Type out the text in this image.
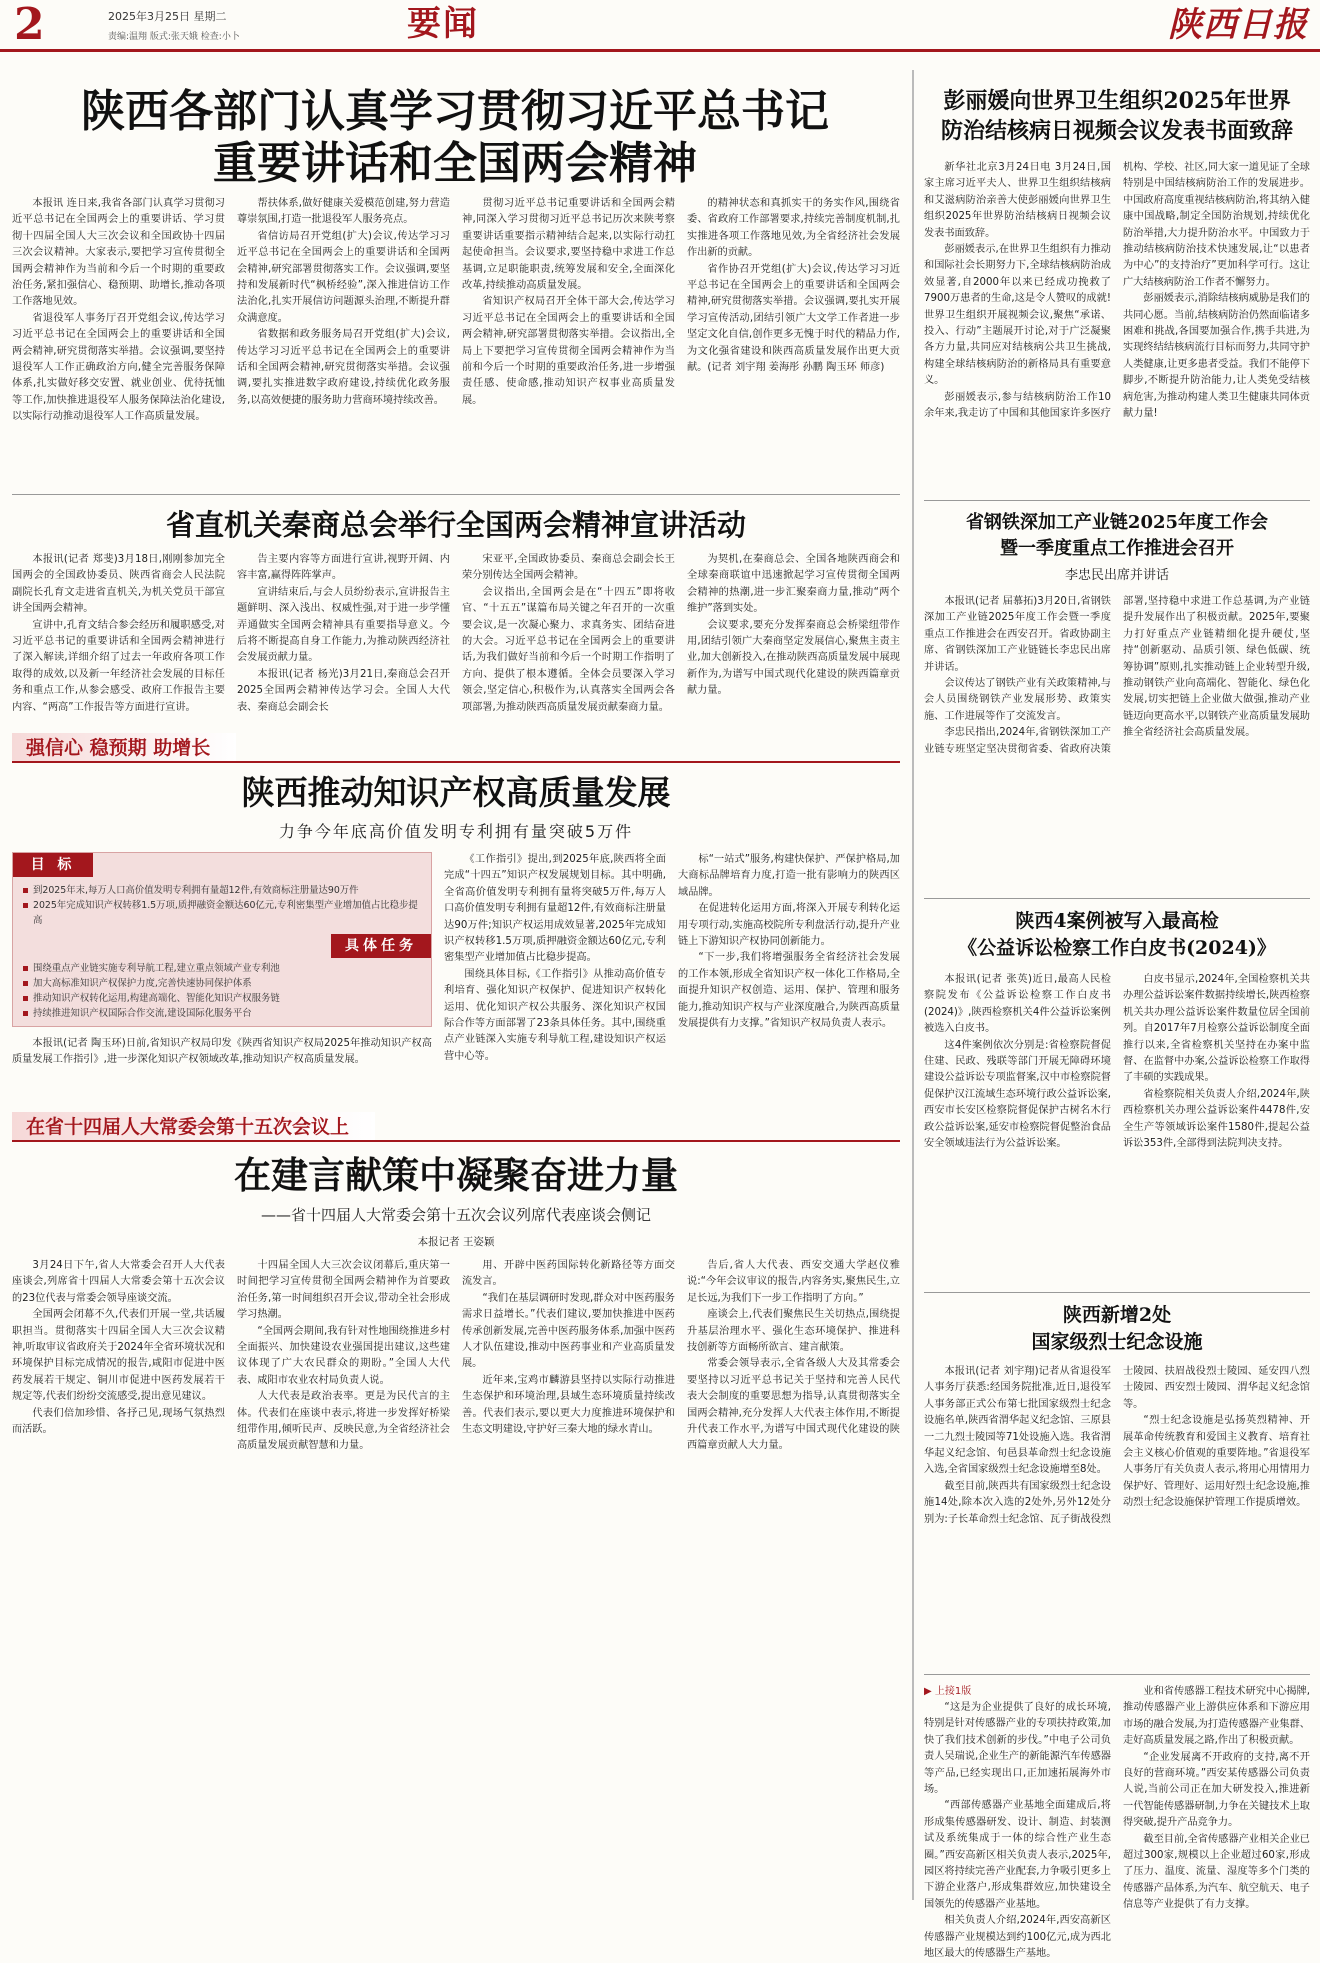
2	2025年3月25日 星期二
责编:温翔 版式:张天娥 检查:小卜	要闻	陕西日报
陕西各部门认真学习贯彻习近平总书记
重要讲话和全国两会精神

本报讯 连日来,我省各部门认真学习贯彻习近平总书记在全国两会上的重要讲话、学习贯彻十四届全国人大三次会议和全国政协十四届三次会议精神。大家表示,要把学习宣传贯彻全国两会精神作为当前和今后一个时期的重要政治任务,紧扣强信心、稳预期、助增长,推动各项工作落地见效。

省退役军人事务厅召开党组会议,传达学习习近平总书记在全国两会上的重要讲话和全国两会精神,研究贯彻落实举措。会议强调,要坚持退役军人工作正确政治方向,健全完善服务保障体系,扎实做好移交安置、就业创业、优待抚恤等工作,加快推进退役军人服务保障法治化建设,以实际行动推动退役军人工作高质量发展。

帮扶体系,做好健康关爱模范创建,努力营造尊崇氛围,打造一批退役军人服务亮点。

省信访局召开党组(扩大)会议,传达学习习近平总书记在全国两会上的重要讲话和全国两会精神,研究部署贯彻落实工作。会议强调,要坚持和发展新时代“枫桥经验”,深入推进信访工作法治化,扎实开展信访问题源头治理,不断提升群众满意度。

省数据和政务服务局召开党组(扩大)会议,传达学习习近平总书记在全国两会上的重要讲话和全国两会精神,研究贯彻落实举措。会议强调,要扎实推进数字政府建设,持续优化政务服务,以高效便捷的服务助力营商环境持续改善。

贯彻习近平总书记重要讲话和全国两会精神,同深入学习贯彻习近平总书记历次来陕考察重要讲话重要指示精神结合起来,以实际行动扛起使命担当。会议要求,要坚持稳中求进工作总基调,立足职能职责,统筹发展和安全,全面深化改革,持续推动高质量发展。

省知识产权局召开全体干部大会,传达学习习近平总书记在全国两会上的重要讲话和全国两会精神,研究部署贯彻落实举措。会议指出,全局上下要把学习宣传贯彻全国两会精神作为当前和今后一个时期的重要政治任务,进一步增强责任感、使命感,推动知识产权事业高质量发展。

的精神状态和真抓实干的务实作风,围绕省委、省政府工作部署要求,持续完善制度机制,扎实推进各项工作落地见效,为全省经济社会发展作出新的贡献。

省作协召开党组(扩大)会议,传达学习习近平总书记在全国两会上的重要讲话和全国两会精神,研究贯彻落实举措。会议强调,要扎实开展学习宣传活动,团结引领广大文学工作者进一步坚定文化自信,创作更多无愧于时代的精品力作,为文化强省建设和陕西高质量发展作出更大贡献。(记者 刘宇翔 姜海彤 孙鹏 陶玉环 师彦)

省直机关秦商总会举行全国两会精神宣讲活动

本报讯(记者 郑斐)3月18日,刚刚参加完全国两会的全国政协委员、陕西省商会人民法院副院长孔育文走进省直机关,为机关党员干部宣讲全国两会精神。

宣讲中,孔育文结合参会经历和履职感受,对习近平总书记的重要讲话和全国两会精神进行了深入解读,详细介绍了过去一年政府各项工作取得的成效,以及新一年经济社会发展的目标任务和重点工作,从参会感受、政府工作报告主要内容、“两高”工作报告等方面进行宣讲。

告主要内容等方面进行宣讲,视野开阔、内容丰富,赢得阵阵掌声。

宣讲结束后,与会人员纷纷表示,宣讲报告主题鲜明、深入浅出、权威性强,对于进一步学懂弄通做实全国两会精神具有重要指导意义。今后将不断提高自身工作能力,为推动陕西经济社会发展贡献力量。

本报讯(记者 杨光)3月21日,秦商总会召开2025全国两会精神传达学习会。全国人大代表、秦商总会副会长

宋亚平,全国政协委员、秦商总会副会长王荣分别传达全国两会精神。

会议指出,全国两会是在“十四五”即将收官、“十五五”谋篇布局关键之年召开的一次重要会议,是一次凝心聚力、求真务实、团结奋进的大会。习近平总书记在全国两会上的重要讲话,为我们做好当前和今后一个时期工作指明了方向、提供了根本遵循。全体会员要深入学习领会,坚定信心,积极作为,认真落实全国两会各项部署,为推动陕西高质量发展贡献秦商力量。

为契机,在秦商总会、全国各地陕西商会和全球秦商联谊中迅速掀起学习宣传贯彻全国两会精神的热潮,进一步汇聚秦商力量,推动“两个维护”落到实处。

会议要求,要充分发挥秦商总会桥梁纽带作用,团结引领广大秦商坚定发展信心,聚焦主责主业,加大创新投入,在推动陕西高质量发展中展现新作为,为谱写中国式现代化建设的陕西篇章贡献力量。

强信心 稳预期 助增长
陕西推动知识产权高质量发展
力争今年底高价值发明专利拥有量突破5万件
目 标
到2025年末,每万人口高价值发明专利拥有量超12件,有效商标注册量达90万件
2025年完成知识产权转移1.5万项,质押融资金额达60亿元,专利密集型产业增加值占比稳步提高
具体任务
围绕重点产业链实施专利导航工程,建立重点领域产业专利池
加大高标准知识产权保护力度,完善快速协同保护体系
推动知识产权转化运用,构建高端化、智能化知识产权服务链
持续推进知识产权国际合作交流,建设国际化服务平台

本报讯(记者 陶玉环)日前,省知识产权局印发《陕西省知识产权局2025年推动知识产权高质量发展工作指引》,进一步深化知识产权领域改革,推动知识产权高质量发展。

《工作指引》提出,到2025年底,陕西将全面完成“十四五”知识产权发展规划目标。其中明确,全省高价值发明专利拥有量将突破5万件,每万人口高价值发明专利拥有量超12件,有效商标注册量达90万件;知识产权运用成效显著,2025年完成知识产权转移1.5万项,质押融资金额达60亿元,专利密集型产业增加值占比稳步提高。

围绕具体目标,《工作指引》从推动高价值专利培育、强化知识产权保护、促进知识产权转化运用、优化知识产权公共服务、深化知识产权国际合作等方面部署了23条具体任务。其中,围绕重点产业链深入实施专利导航工程,建设知识产权运营中心等。

标“一站式”服务,构建快保护、严保护格局,加大商标品牌培育力度,打造一批有影响力的陕西区域品牌。

在促进转化运用方面,将深入开展专利转化运用专项行动,实施高校院所专利盘活行动,提升产业链上下游知识产权协同创新能力。

“下一步,我们将增强服务全省经济社会发展的工作本领,形成全省知识产权一体化工作格局,全面提升知识产权创造、运用、保护、管理和服务能力,推动知识产权与产业深度融合,为陕西高质量发展提供有力支撑。”省知识产权局负责人表示。

在省十四届人大常委会第十五次会议上
在建言献策中凝聚奋进力量
——省十四届人大常委会第十五次会议列席代表座谈会侧记
本报记者 王姿颖

3月24日下午,省人大常委会召开人大代表座谈会,列席省十四届人大常委会第十五次会议的23位代表与常委会领导座谈交流。

全国两会闭幕不久,代表们开展一堂,共话履职担当。贯彻落实十四届全国人大三次会议精神,听取审议省政府关于2024年全省环境状况和环境保护目标完成情况的报告,咸阳市促进中医药发展若干规定、铜川市促进中医药发展若干规定等,代表们纷纷交流感受,提出意见建议。

代表们倍加珍惜、各抒己见,现场气氛热烈而活跃。

十四届全国人大三次会议闭幕后,重庆第一时间把学习宣传贯彻全国两会精神作为首要政治任务,第一时间组织召开会议,带动全社会形成学习热潮。

“全国两会期间,我有针对性地围绕推进乡村全面振兴、加快建设农业强国提出建议,这些建议体现了广大农民群众的期盼。”全国人大代表、咸阳市农业农村局负责人说。

人大代表是政治表率。更是为民代言的主体。代表们在座谈中表示,将进一步发挥好桥梁纽带作用,倾听民声、反映民意,为全省经济社会高质量发展贡献智慧和力量。

用、开辟中医药国际转化新路径等方面交流发言。

“我们在基层调研时发现,群众对中医药服务需求日益增长。”代表们建议,要加快推进中医药传承创新发展,完善中医药服务体系,加强中医药人才队伍建设,推动中医药事业和产业高质量发展。

近年来,宝鸡市麟游县坚持以实际行动推进生态保护和环境治理,县域生态环境质量持续改善。代表们表示,要以更大力度推进环境保护和生态文明建设,守护好三秦大地的绿水青山。

告后,省人大代表、西安交通大学赵仪雅说:“今年会议审议的报告,内容务实,聚焦民生,立足长远,为我们下一步工作指明了方向。”

座谈会上,代表们聚焦民生关切热点,围绕提升基层治理水平、强化生态环境保护、推进科技创新等方面畅所欲言、建言献策。

常委会领导表示,全省各级人大及其常委会要坚持以习近平总书记关于坚持和完善人民代表大会制度的重要思想为指导,认真贯彻落实全国两会精神,充分发挥人大代表主体作用,不断提升代表工作水平,为谱写中国式现代化建设的陕西篇章贡献人大力量。

彭丽媛向世界卫生组织2025年世界
防治结核病日视频会议发表书面致辞

新华社北京3月24日电 3月24日,国家主席习近平夫人、世界卫生组织结核病和艾滋病防治亲善大使彭丽媛向世界卫生组织2025年世界防治结核病日视频会议发表书面致辞。

彭丽媛表示,在世界卫生组织有力推动和国际社会长期努力下,全球结核病防治成效显著,自2000年以来已经成功挽救了7900万患者的生命,这是令人赞叹的成就!世界卫生组织开展视频会议,聚焦“承诺、投入、行动”主题展开讨论,对于广泛凝聚各方力量,共同应对结核病公共卫生挑战,构建全球结核病防治的新格局具有重要意义。

彭丽媛表示,参与结核病防治工作10余年来,我走访了中国和其他国家许多医疗机构、学校、社区,同大家一道见证了全球特别是中国结核病防治工作的发展进步。中国政府高度重视结核病防治,将其纳入健康中国战略,制定全国防治规划,持续优化防治举措,大力提升防治水平。中国致力于推动结核病防治技术快速发展,让“以患者为中心”的支持治疗”更加科学可行。这让广大结核病防治工作者不懈努力。

彭丽媛表示,消除结核病威胁是我们的共同心愿。当前,结核病防治仍然面临诸多困难和挑战,各国要加强合作,携手共进,为实现终结结核病流行目标而努力,共同守护人类健康,让更多患者受益。我们不能停下脚步,不断提升防治能力,让人类免受结核病危害,为推动构建人类卫生健康共同体贡献力量!

省钢铁深加工产业链2025年度工作会
暨一季度重点工作推进会召开
李忠民出席并讲话

本报讯(记者 届慕拓)3月20日,省钢铁深加工产业链2025年度工作会暨一季度重点工作推进会在西安召开。省政协副主席、省钢铁深加工产业链链长李忠民出席并讲话。

会议传达了钢铁产业有关政策精神,与会人员围绕钢铁产业发展形势、政策实施、工作进展等作了交流发言。

李忠民指出,2024年,省钢铁深加工产业链专班坚定坚决贯彻省委、省政府决策部署,坚持稳中求进工作总基调,为产业链提升发展作出了积极贡献。2025年,要聚力打好重点产业链精细化提升硬仗,坚持“创新驱动、品质引领、绿色低碳、统筹协调”原则,扎实推动链上企业转型升级,推动钢铁产业向高端化、智能化、绿色化发展,切实把链上企业做大做强,推动产业链迈向更高水平,以钢铁产业高质量发展助推全省经济社会高质量发展。

陕西4案例被写入最高检
《公益诉讼检察工作白皮书(2024)》

本报讯(记者 张英)近日,最高人民检察院发布《公益诉讼检察工作白皮书(2024)》,陕西检察机关4件公益诉讼案例被选入白皮书。

这4件案例依次分别是:省检察院督促住建、民政、残联等部门开展无障碍环境建设公益诉讼专项监督案,汉中市检察院督促保护汉江流域生态环境行政公益诉讼案,西安市长安区检察院督促保护古树名木行政公益诉讼案,延安市检察院督促整治食品安全领域违法行为公益诉讼案。

白皮书显示,2024年,全国检察机关共办理公益诉讼案件数据持续增长,陕西检察机关共办理公益诉讼案件数量位居全国前列。自2017年7月检察公益诉讼制度全面推行以来,全省检察机关坚持在办案中监督、在监督中办案,公益诉讼检察工作取得了丰硕的实践成果。

省检察院相关负责人介绍,2024年,陕西检察机关办理公益诉讼案件4478件,安全生产等领域诉讼案件1580件,提起公益诉讼353件,全部得到法院判决支持。

陕西新增2处
国家级烈士纪念设施

本报讯(记者 刘宇翔)记者从省退役军人事务厅获悉:经国务院批准,近日,退役军人事务部正式公布第七批国家级烈士纪念设施名单,陕西省渭华起义纪念馆、三原县一二九烈士陵园等71处设施入选。我省渭华起义纪念馆、旬邑县革命烈士纪念设施入选,全省国家级烈士纪念设施增至8处。

截至目前,陕西共有国家级烈士纪念设施14处,除本次入选的2处外,另外12处分别为:子长革命烈士纪念馆、瓦子街战役烈士陵园、扶眉战役烈士陵园、延安四八烈士陵园、西安烈士陵园、渭华起义纪念馆等。

“烈士纪念设施是弘扬英烈精神、开展革命传统教育和爱国主义教育、培育社会主义核心价值观的重要阵地。”省退役军人事务厅有关负责人表示,将用心用情用力保护好、管理好、运用好烈士纪念设施,推动烈士纪念设施保护管理工作提质增效。

▶ 上接1版

“这是为企业提供了良好的成长环境,特别是针对传感器产业的专项扶持政策,加快了我们技术创新的步伐。”中电子公司负责人吴瑞说,企业生产的新能源汽车传感器等产品,已经实现出口,正加速拓展海外市场。

“西部传感器产业基地全面建成后,将形成集传感器研发、设计、制造、封装测试及系统集成于一体的综合性产业生态圈。”西安高新区相关负责人表示,2025年,园区将持续完善产业配套,力争吸引更多上下游企业落户,形成集群效应,加快建设全国领先的传感器产业基地。

相关负责人介绍,2024年,西安高新区传感器产业规模达到约100亿元,成为西北地区最大的传感器生产基地。

业和省传感器工程技术研究中心揭牌,推动传感器产业上游供应体系和下游应用市场的融合发展,为打造传感器产业集群、走好高质量发展之路,作出了积极贡献。

“企业发展离不开政府的支持,离不开良好的营商环境。”西安某传感器公司负责人说,当前公司正在加大研发投入,推进新一代智能传感器研制,力争在关键技术上取得突破,提升产品竞争力。

截至目前,全省传感器产业相关企业已超过300家,规模以上企业超过60家,形成了压力、温度、流量、湿度等多个门类的传感器产品体系,为汽车、航空航天、电子信息等产业提供了有力支撑。
